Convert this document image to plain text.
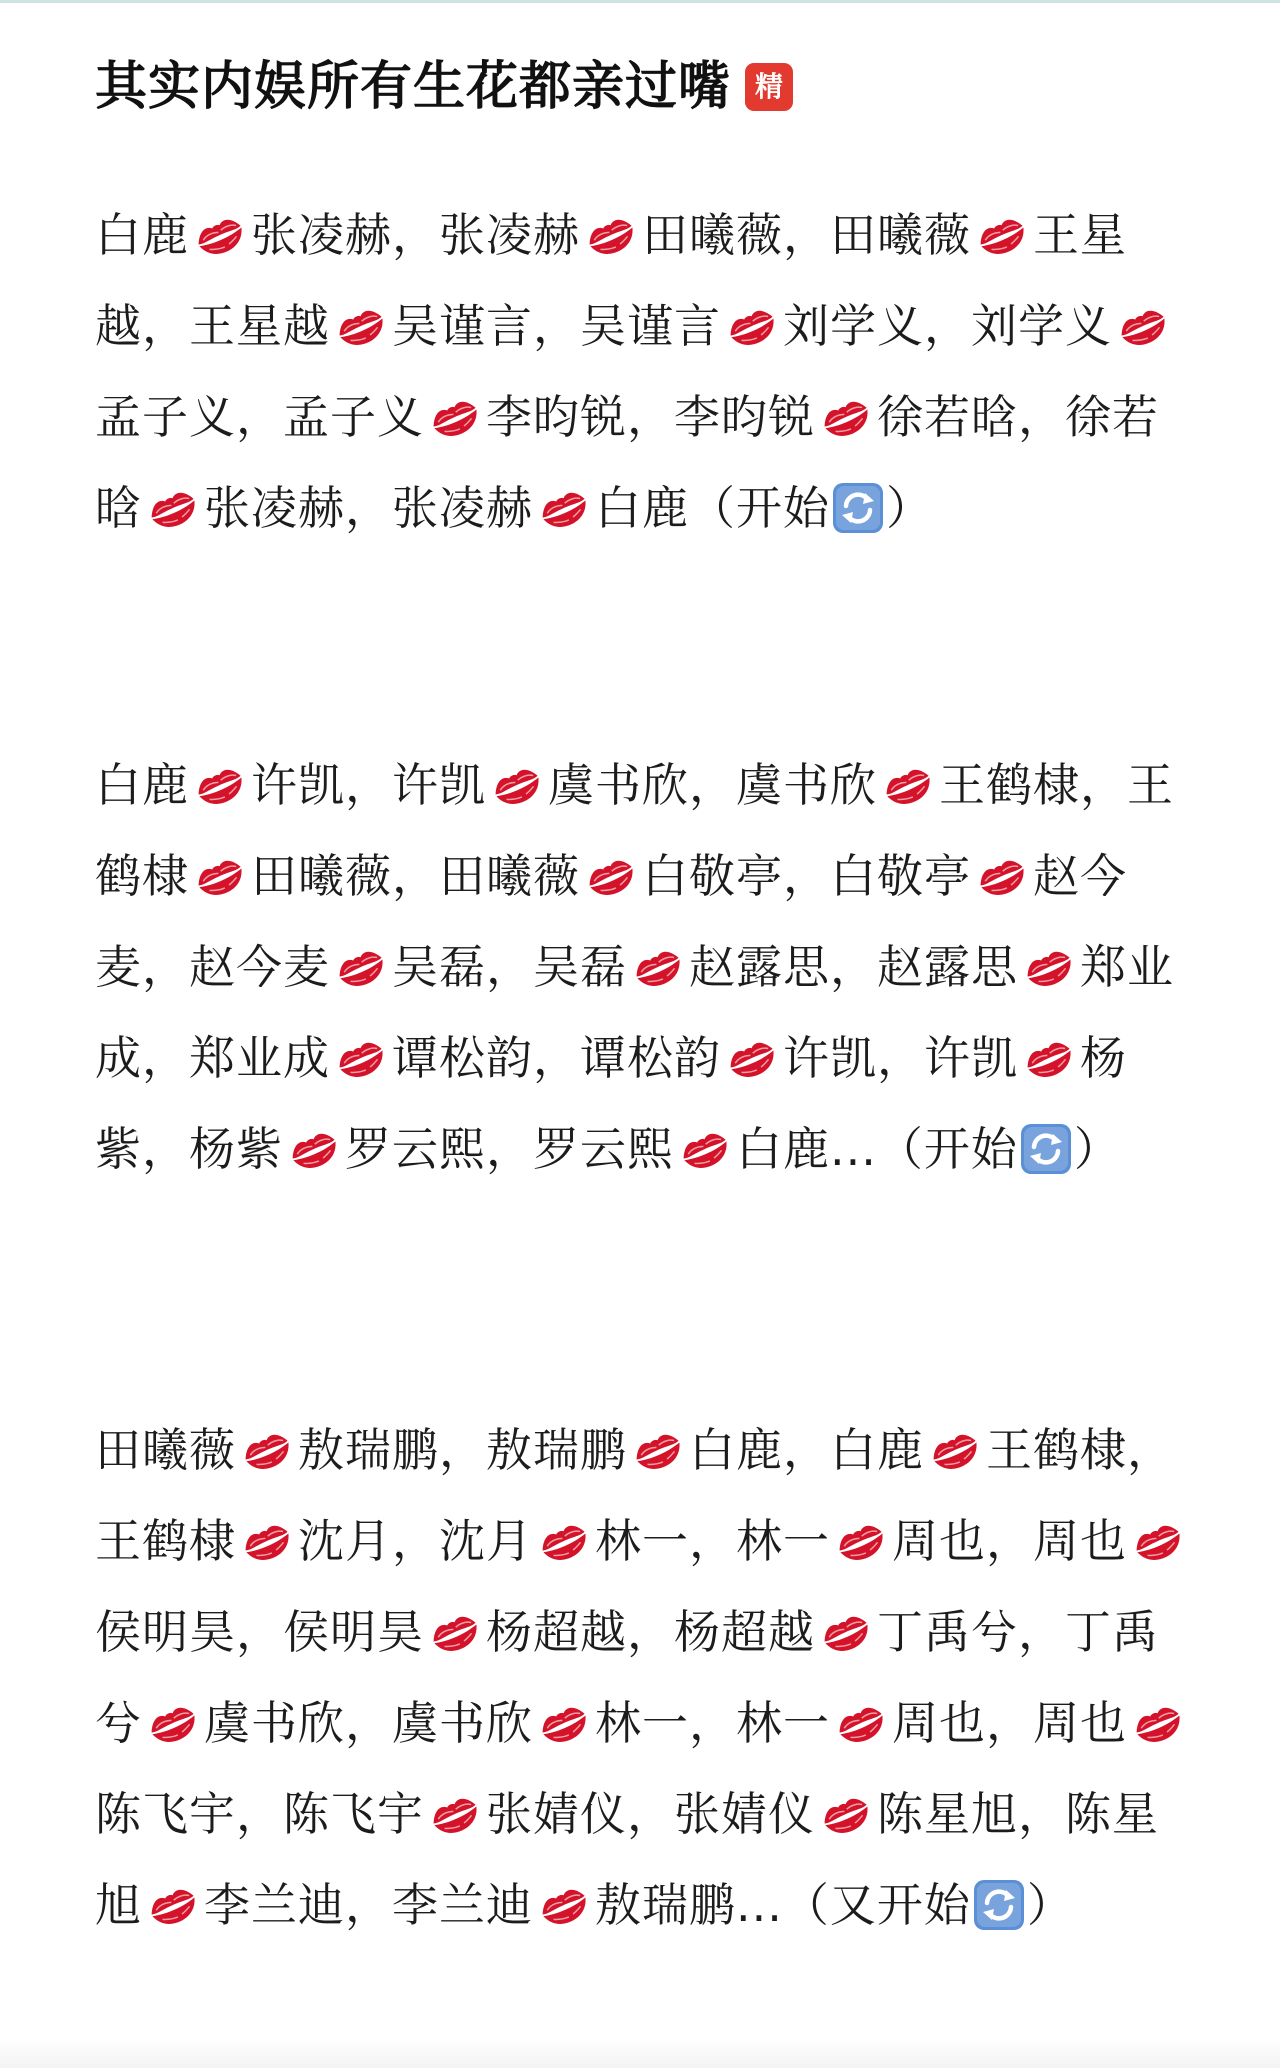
其实内娱所有生花都亲过嘴 精

白鹿 张凌赫，张凌赫 田曦薇，田曦薇 王星越，王星越 吴谨言，吴谨言 刘学义，刘学义
孟子义，孟子义 李昀锐，李昀锐 徐若晗，徐若晗 张凌赫，张凌赫 白鹿（开始 ）

白鹿 许凯，许凯 虞书欣，虞书欣 王鹤棣，王鹤棣 田曦薇，田曦薇 白敬亭，白敬亭 赵今麦，赵今麦 吴磊，吴磊 赵露思，赵露思 郑业成，郑业成 谭松韵，谭松韵 许凯，许凯 杨紫，杨紫 罗云熙，罗云熙 白鹿...（开始 ）

田曦薇 敖瑞鹏，敖瑞鹏 白鹿，白鹿 王鹤棣，王鹤棣 沈月，沈月 林一，林一 周也，周也
侯明昊，侯明昊 杨超越，杨超越 丁禹兮，丁禹兮 虞书欣，虞书欣 林一，林一 周也，周也
陈飞宇，陈飞宇 张婧仪，张婧仪 陈星旭，陈星旭 李兰迪，李兰迪 敖瑞鹏...（又开始 ）
